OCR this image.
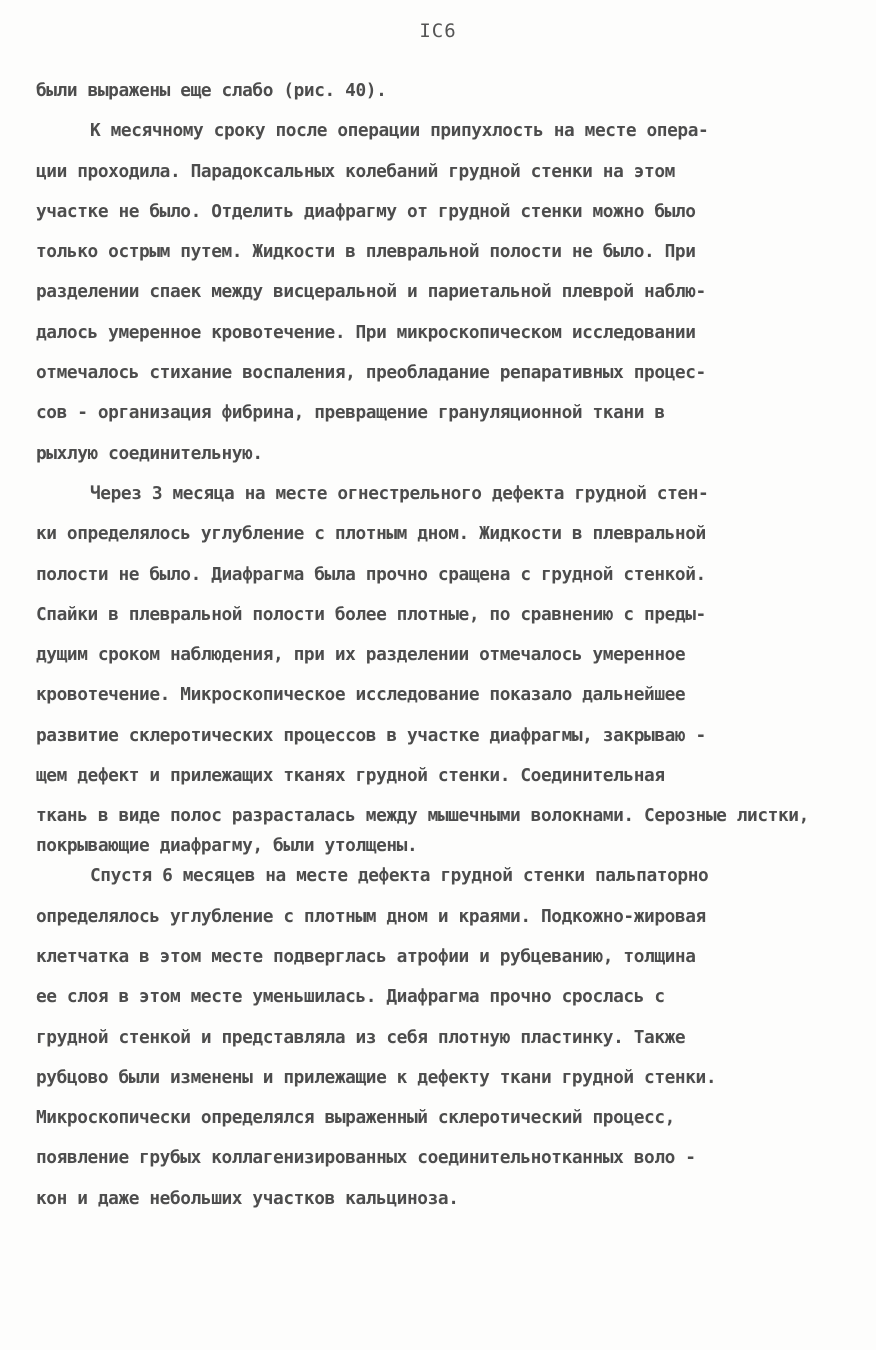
IC6
были выражены еще слабо (рис. 40).
К месячному сроку после операции припухлость на месте опера-
ции проходила. Парадоксальных колебаний грудной стенки на этом
участке не было. Отделить диафрагму от грудной стенки можно было
только острым путем. Жидкости в плевральной полости не было. При
разделении спаек между висцеральной и париетальной плеврой наблю-
далось умеренное кровотечение. При микроскопическом исследовании
отмечалось стихание воспаления, преобладание репаративных процес-
сов - организация фибрина, превращение грануляционной ткани в
рыхлую соединительную.
Через 3 месяца на месте огнестрельного дефекта грудной стен-
ки определялось углубление с плотным дном. Жидкости в плевральной
полости не было. Диафрагма была прочно сращена с грудной стенкой.
Спайки в плевральной полости более плотные, по сравнению с преды-
дущим сроком наблюдения, при их разделении отмечалось умеренное
кровотечение. Микроскопическое исследование показало дальнейшее
развитие склеротических процессов в участке диафрагмы, закрываю -
щем дефект и прилежащих тканях грудной стенки. Соединительная
ткань в виде полос разрасталась между мышечными волокнами. Серозные листки, покрывающие диафрагму, были утолщены.
Спустя 6 месяцев на месте дефекта грудной стенки пальпаторно
определялось углубление с плотным дном и краями. Подкожно-жировая
клетчатка в этом месте подверглась атрофии и рубцеванию, толщина
ее слоя в этом месте уменьшилась. Диафрагма прочно срослась с
грудной стенкой и представляла из себя плотную пластинку. Также
рубцово были изменены и прилежащие к дефекту ткани грудной стенки.
Микроскопически определялся выраженный склеротический процесс,
появление грубых коллагенизированных соединительнотканных воло -
кон и даже небольших участков кальциноза.
